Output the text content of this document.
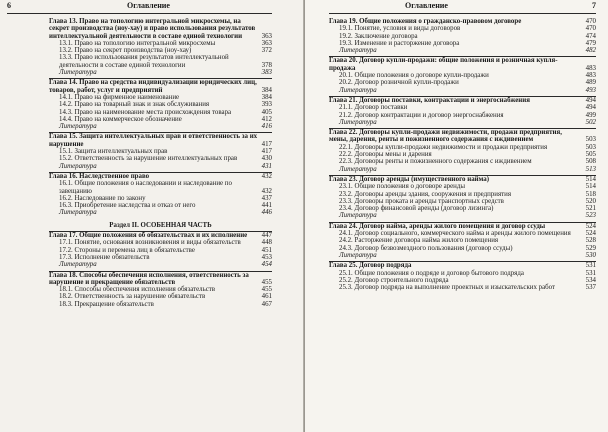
6	Оглавление
Глава 13. Право на топологию интегральной микросхемы, на секрет производства (ноу-хау) и право использования результатов интеллектуальной деятельности в составе единой технологии	363
13.1. Право на топологию интегральной микросхемы	363
13.2. Право на секрет производства (ноу-хау)	372
13.3. Право использования результатов интеллектуальной деятельности в составе единой технологии	378
Литература	383
Глава 14. Право на средства индивидуализации юридических лиц, товаров, работ, услуг и предприятий	384
14.1. Право на фирменное наименование	384
14.2. Право на товарный знак и знак обслуживания	393
14.3. Право на наименование места происхождения товара	405
14.4. Право на коммерческое обозначение	412
Литература	416
Глава 15. Защита интеллектуальных прав и ответственность за их нарушение	417
15.1. Защита интеллектуальных прав	417
15.2. Ответственность за нарушение интеллектуальных прав	430
Литература	431
Глава 16. Наследственное право	432
16.1. Общие положения о наследовании и наследование по завещанию	432
16.2. Наследование по закону	437
16.3. Приобретение наследства и отказ от него	441
Литература	446
Раздел II. ОСОБЕННАЯ ЧАСТЬ
Глава 17. Общие положения об обязательствах и их исполнение 447
17.1. Понятие, основания возникновения и виды обязательств	448
17.2. Стороны и перемена лиц в обязательстве	451
17.3. Исполнение обязательств	453
Литература	454
Глава 18. Способы обеспечения исполнения, ответственность за нарушение и прекращение обязательств	455
18.1. Способы обеспечения исполнения обязательств	455
18.2. Ответственность за нарушение обязательств	461
18.3. Прекращение обязательств	467
Оглавление	7
Глава 19. Общие положения о гражданско-правовом договоре	470
19.1. Понятие, условия и виды договоров	470
19.2. Заключение договора	474
19.3. Изменение и расторжение договора	479
Литература	482
Глава 20. Договор купли-продажи: общие положения и розничная купля-продажа	483
20.1. Общие положения о договоре купли-продажи	483
20.2. Договор розничной купли-продажи	489
Литература	493
Глава 21. Договоры поставки, контрактации и энергоснабжения	494
21.1. Договор поставки	494
21.2. Договор контрактации и договор энергоснабжения	499
Литература	502
Глава 22. Договоры купли-продажи недвижимости, продажи предприятия, мены, дарения, ренты и пожизненного содержания с иждивением	503
22.1. Договоры купли-продажи недвижимости и продажи предприятия	503
22.2. Договоры мены и дарения	505
22.3. Договоры ренты и пожизненного содержания с иждивением	508
Литература	513
Глава 23. Договор аренды (имущественного найма)	514
23.1. Общие положения о договоре аренды	514
23.2. Договоры аренды здания, сооружения и предприятия	518
23.3. Договоры проката и аренды транспортных средств	520
23.4. Договор финансовой аренды (договор лизинга)	521
Литература	523
Глава 24. Договор найма, аренды жилого помещения и договор ссуды	524
24.1. Договор социального, коммерческого найма и аренды жилого помещения 524
24.2. Расторжение договора найма жилого помещения	528
24.3. Договор безвозмездного пользования (договор ссуды)	529
Литература	530
Глава 25. Договор подряда	531
25.1. Общие положения о подряде и договор бытового подряда	531
25.2. Договор строительного подряда	534
25.3. Договор подряда на выполнение проектных и изыскательских работ	537
